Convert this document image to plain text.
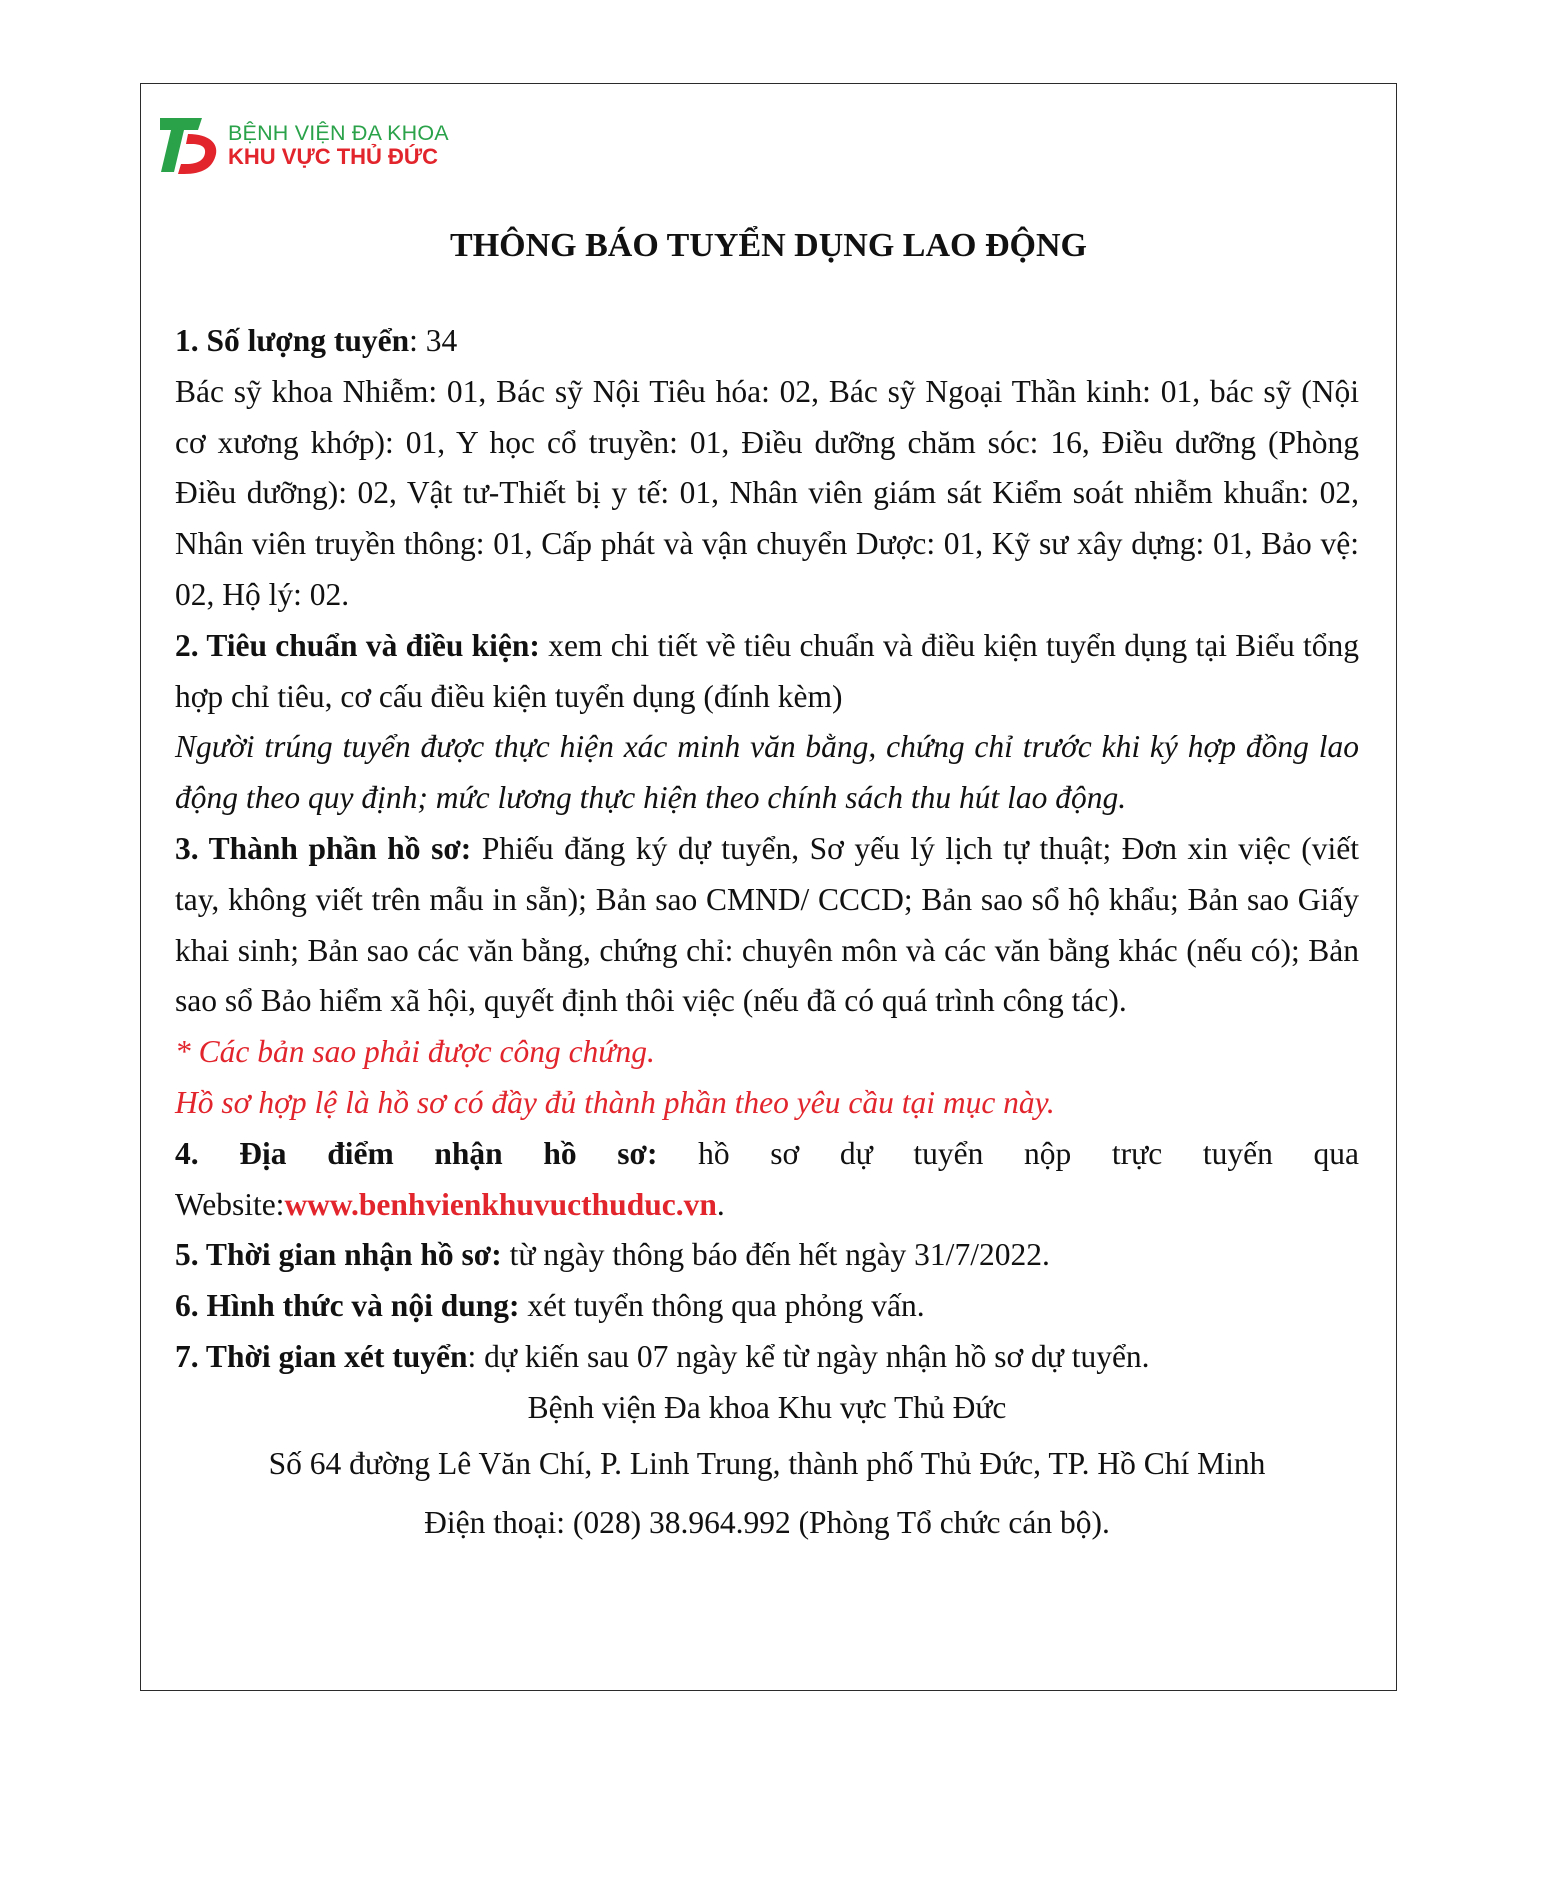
BỆNH VIỆN ĐA KHOA
KHU VỰC THỦ ĐỨC
THÔNG BÁO TUYỂN DỤNG LAO ĐỘNG

1. Số lượng tuyển: 34

Bác sỹ khoa Nhiễm: 01, Bác sỹ Nội Tiêu hóa: 02, Bác sỹ Ngoại Thần kinh: 01, bác sỹ (Nội cơ xương khớp): 01, Y học cổ truyền: 01, Điều dưỡng chăm sóc: 16, Điều dưỡng (Phòng Điều dưỡng): 02, Vật tư-Thiết bị y tế: 01, Nhân viên giám sát Kiểm soát nhiễm khuẩn: 02, Nhân viên truyền thông: 01, Cấp phát và vận chuyển Dược: 01, Kỹ sư xây dựng: 01, Bảo vệ: 02, Hộ lý: 02.

2. Tiêu chuẩn và điều kiện: xem chi tiết về tiêu chuẩn và điều kiện tuyển dụng tại Biểu tổng hợp chỉ tiêu, cơ cấu điều kiện tuyển dụng (đính kèm)

Người trúng tuyển được thực hiện xác minh văn bằng, chứng chỉ trước khi ký hợp đồng lao động theo quy định; mức lương thực hiện theo chính sách thu hút lao động.

3. Thành phần hồ sơ: Phiếu đăng ký dự tuyển, Sơ yếu lý lịch tự thuật; Đơn xin việc (viết tay, không viết trên mẫu in sẵn); Bản sao CMND/ CCCD; Bản sao sổ hộ khẩu; Bản sao Giấy khai sinh; Bản sao các văn bằng, chứng chỉ: chuyên môn và các văn bằng khác (nếu có); Bản sao sổ Bảo hiểm xã hội, quyết định thôi việc (nếu đã có quá trình công tác).

* Các bản sao phải được công chứng.

Hồ sơ hợp lệ là hồ sơ có đầy đủ thành phần theo yêu cầu tại mục này.

4. Địa điểm nhận hồ sơ: hồ sơ dự tuyển nộp trực tuyến qua Website:www.benhvienkhuvucthuduc.vn.

5. Thời gian nhận hồ sơ: từ ngày thông báo đến hết ngày 31/7/2022.

6. Hình thức và nội dung: xét tuyển thông qua phỏng vấn.

7. Thời gian xét tuyển: dự kiến sau 07 ngày kể từ ngày nhận hồ sơ dự tuyển.

Bệnh viện Đa khoa Khu vực Thủ Đức

Số 64 đường Lê Văn Chí, P. Linh Trung, thành phố Thủ Đức, TP. Hồ Chí Minh

Điện thoại: (028) 38.964.992 (Phòng Tổ chức cán bộ).
